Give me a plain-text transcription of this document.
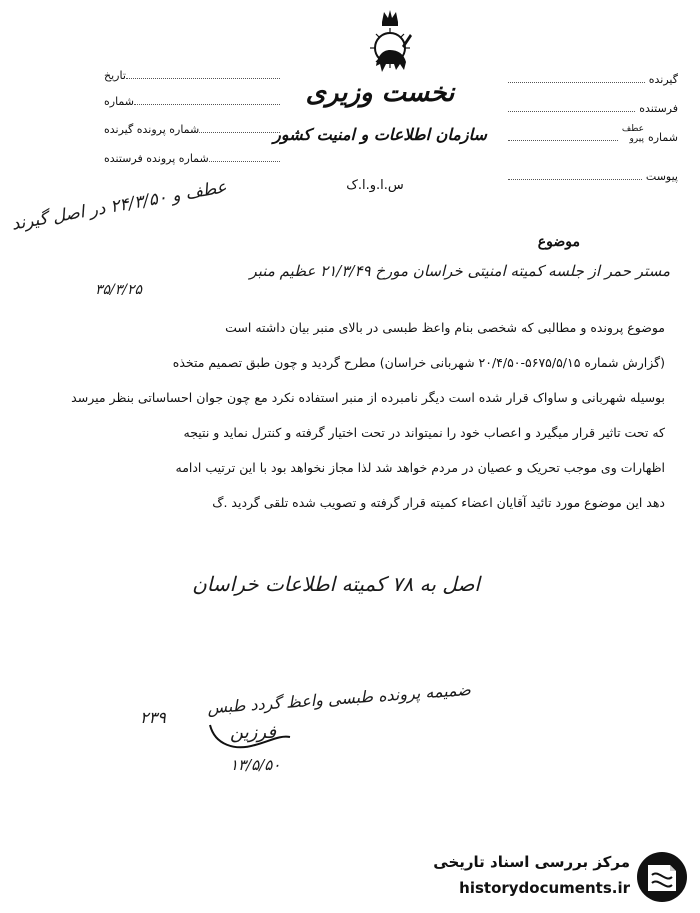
تاریخ
شماره
شماره پرونده گیرنده
شماره پرونده فرستنده
گیرنده
فرستنده
شماره
عطف
پیرو
پیوست
نخست وزیری
سازمان اطلاعات و امنیت کشور
س.ا.و.ا.ک
موضوع
عطف و ۲۴/۳/۵۰ در اصل گیرند
۳۵/۳/۲۵
مستر حمر از جلسه کمیته امنیتی خراسان مورخ ۲۱/۳/۴۹ عظیم منبر

موضوع پرونده و مطالبی که شخصی بنام واعظ طبسی در بالای منبر بیان داشته است

(گزارش شماره ۵۶۷۵/۵/۱۵-۲۰/۴/۵۰ شهربانی خراسان) مطرح گردید و چون طبق تصمیم متخذه

بوسیله شهربانی و ساواک قرار شده است دیگر نامبرده از منبر استفاده نکرد مع چون جوان احساساتی بنظر میرسد

که تحت تاثیر قرار میگیرد و اعصاب خود را نمیتواند در تحت اختیار گرفته و کنترل نماید و نتیجه

اظهارات وی موجب تحریک و عصیان در مردم خواهد شد لذا مجاز نخواهد بود با این ترتیب ادامه

دهد این موضوع مورد تائید آقایان اعضاء کمیته قرار گرفته و تصویب شده تلقی گردید .گ

اصل به ۷۸ کمیته اطلاعات خراسان
ضمیمه پرونده طبسی واعظ گردد طبس
۲۳۹
فرزین
۱۳/۵/۵۰
مرکز بررسی اسناد تاریخی
historydocuments.ir
